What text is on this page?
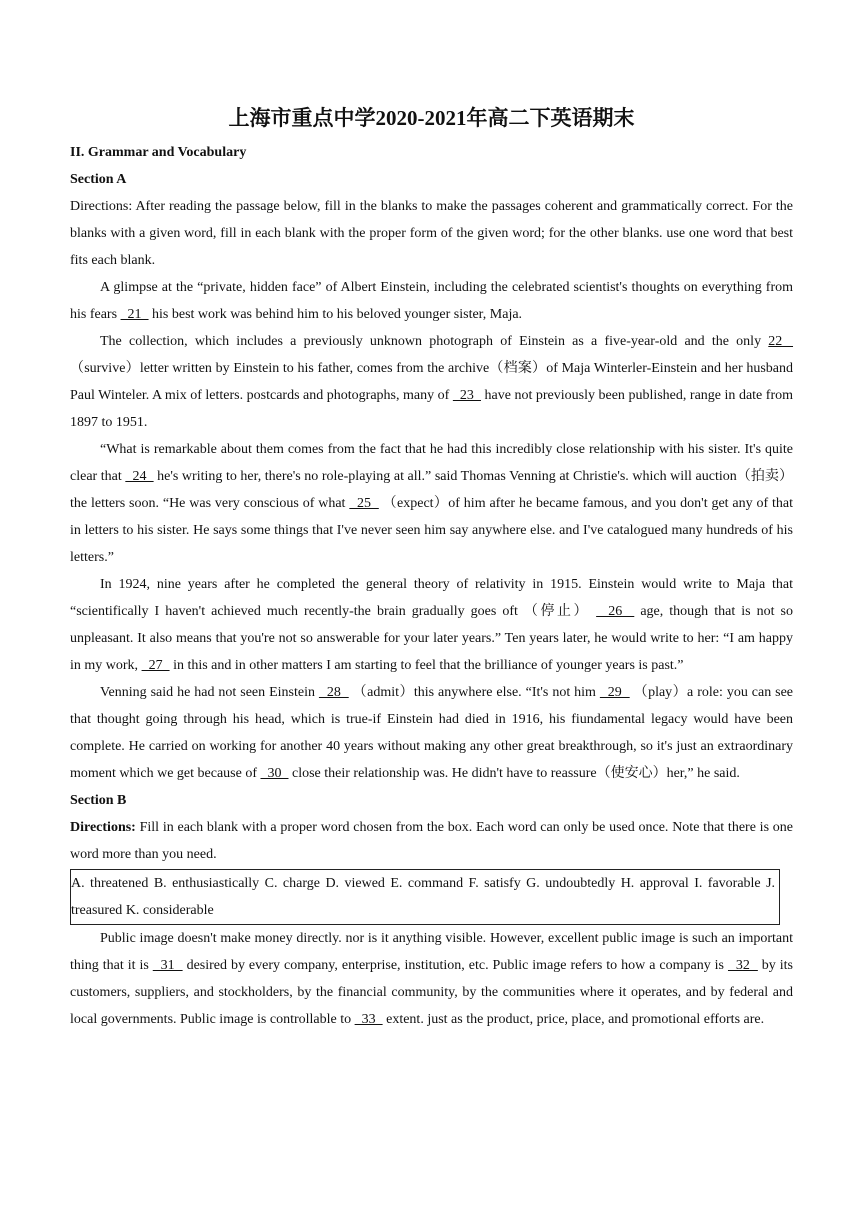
上海市重点中学2020-2021年高二下英语期末

II. Grammar and Vocabulary

Section A

Directions: After reading the passage below, fill in the blanks to make the passages coherent and grammatically correct. For the blanks with a given word, fill in each blank with the proper form of the given word; for the other blanks. use one word that best fits each blank.

A glimpse at the “private, hidden face” of Albert Einstein, including the celebrated scientist's thoughts on everything from his fears   21   his best work was behind him to his beloved younger sister, Maja.

The collection, which includes a previously unknown photograph of Einstein as a five-year-old and the only 22   （survive）letter written by Einstein to his father, comes from the archive（档案）of Maja Winterler-Einstein and her husband Paul Winteler. A mix of letters. postcards and photographs, many of   23   have not previously been published, range in date from 1897 to 1951.

“What is remarkable about them comes from the fact that he had this incredibly close relationship with his sister. It's quite clear that   24   he's writing to her, there's no role-playing at all.” said Thomas Venning at Christie's. which will auction（拍卖）the letters soon. “He was very conscious of what   25   （expect）of him after he became famous, and you don't get any of that in letters to his sister. He says some things that I've never seen him say anywhere else. and I've catalogued many hundreds of his letters.”

In 1924, nine years after he completed the general theory of relativity in 1915. Einstein would write to Maja that “scientifically I haven't achieved much recently-the brain gradually goes oft （停止）   26   age, though that is not so unpleasant. It also means that you're not so answerable for your later years.” Ten years later, he would write to her: “I am happy in my work,   27   in this and in other matters I am starting to feel that the brilliance of younger years is past.”

Venning said he had not seen Einstein   28   （admit）this anywhere else. “It's not him   29   （play）a role: you can see that thought going through his head, which is true-if Einstein had died in 1916, his fiundamental legacy would have been complete. He carried on working for another 40 years without making any other great breakthrough, so it's just an extraordinary moment which we get because of   30   close their relationship was. He didn't have to reassure（使安心）her,” he said.

Section B

Directions: Fill in each blank with a proper word chosen from the box. Each word can only be used once. Note that there is one word more than you need.

A. threatened B. enthusiastically C. charge D. viewed E. command F. satisfy G. undoubtedly H. approval I. favorable J. treasured K. considerable

Public image doesn't make money directly. nor is it anything visible. However, excellent public image is such an important thing that it is   31   desired by every company, enterprise, institution, etc. Public image refers to how a company is   32   by its customers, suppliers, and stockholders, by the financial community, by the communities where it operates, and by federal and local governments. Public image is controllable to   33   extent. just as the product, price, place, and promotional efforts are.
